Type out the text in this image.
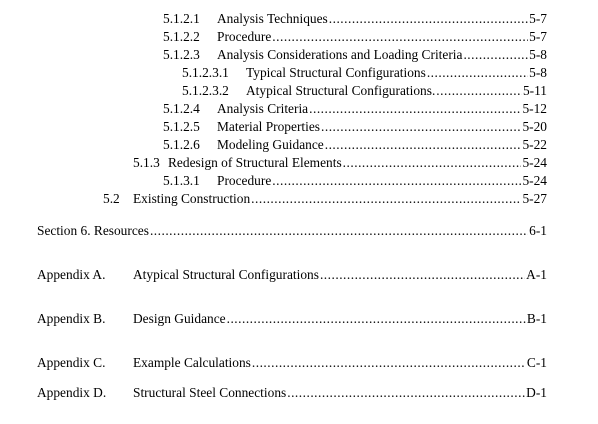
5.1.2.1	Analysis Techniques .....	5-7
5.1.2.2	Procedure .....	5-7
5.1.2.3	Analysis Considerations and Loading Criteria .....	5-8
5.1.2.3.1	Typical Structural Configurations .....	5-8
5.1.2.3.2	Atypical Structural Configurations. .....	5-11
5.1.2.4	Analysis Criteria .....	5-12
5.1.2.5	Material Properties .....	5-20
5.1.2.6	Modeling Guidance .....	5-22
5.1.3 Redesign of Structural Elements .....	5-24
5.1.3.1	Procedure .....	5-24
5.2 Existing Construction .....	5-27
Section 6. Resources .....	6-1
Appendix A.	Atypical Structural Configurations .....	A-1
Appendix B.	Design Guidance .....	B-1
Appendix C.	Example Calculations .....	C-1
Appendix D.	Structural Steel Connections .....	D-1
